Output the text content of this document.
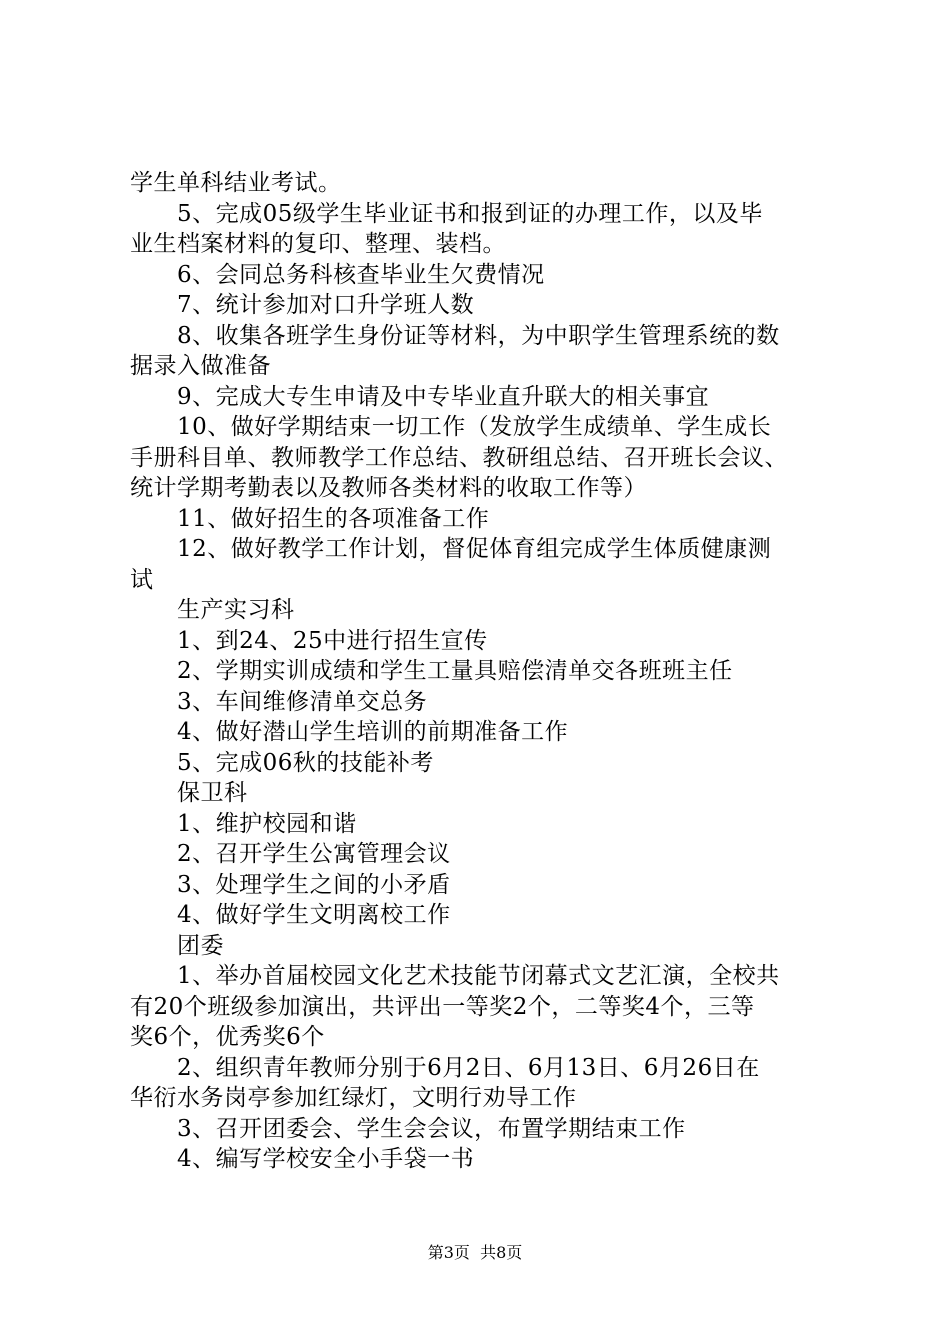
学生单科结业考试。
5、完成05级学生毕业证书和报到证的办理工作，以及毕
业生档案材料的复印、整理、装档。
6、会同总务科核查毕业生欠费情况
7、统计参加对口升学班人数
8、收集各班学生身份证等材料，为中职学生管理系统的数
据录入做准备
9、完成大专生申请及中专毕业直升联大的相关事宜
10、做好学期结束一切工作（发放学生成绩单、学生成长
手册科目单、教师教学工作总结、教研组总结、召开班长会议、
统计学期考勤表以及教师各类材料的收取工作等）
11、做好招生的各项准备工作
12、做好教学工作计划，督促体育组完成学生体质健康测
试
生产实习科
1、到24、25中进行招生宣传
2、学期实训成绩和学生工量具赔偿清单交各班班主任
3、车间维修清单交总务
4、做好潜山学生培训的前期准备工作
5、完成06秋的技能补考
保卫科
1、维护校园和谐
2、召开学生公寓管理会议
3、处理学生之间的小矛盾
4、做好学生文明离校工作
团委
1、举办首届校园文化艺术技能节闭幕式文艺汇演，全校共
有20个班级参加演出，共评出一等奖2个，二等奖4个，三等
奖6个，优秀奖6个
2、组织青年教师分别于6月2日、6月13日、6月26日在
华衍水务岗亭参加红绿灯，文明行劝导工作
3、召开团委会、学生会会议，布置学期结束工作
4、编写学校安全小手袋一书
第3页  共8页
